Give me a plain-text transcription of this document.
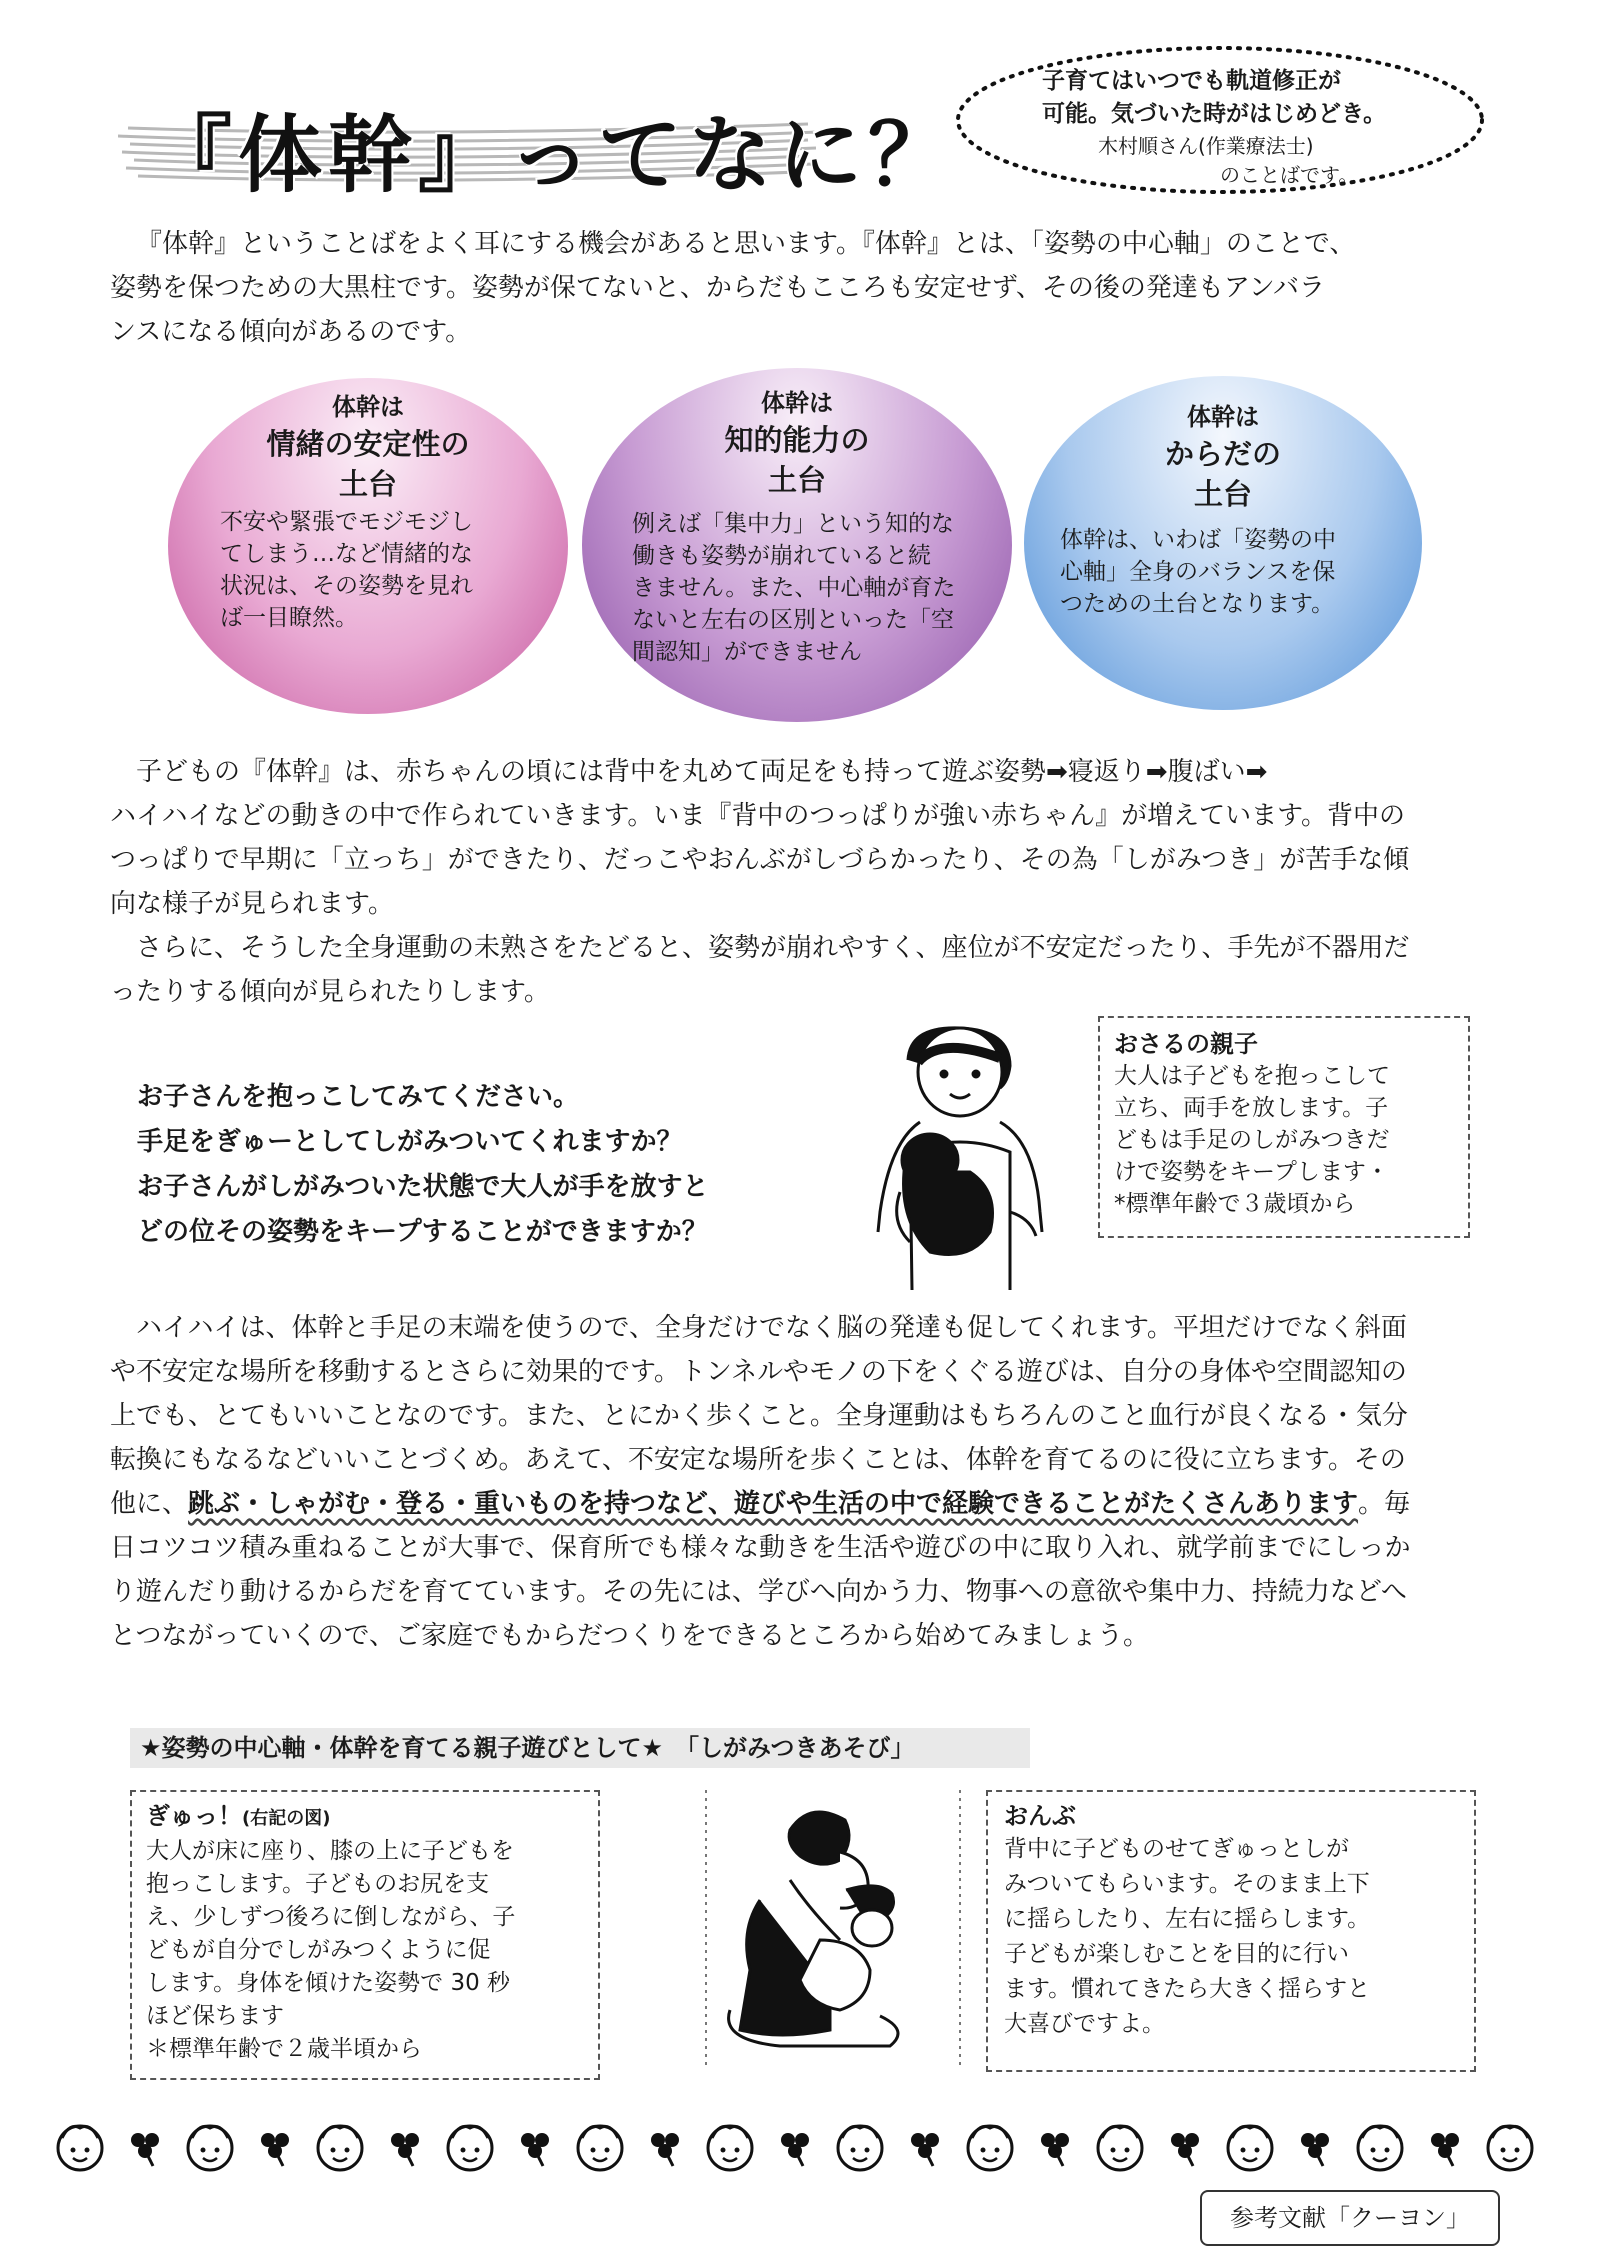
『体幹』ってなに？
子育てはいつでも軌道修正が
可能。気づいた時がはじめどき。
木村順さん(作業療法士)
のことばです。

『体幹』ということばをよく耳にする機会があると思います。『体幹』とは、「姿勢の中心軸」のことで、

姿勢を保つための大黒柱です。姿勢が保てないと、からだもこころも安定せず、その後の発達もアンバラ

ンスになる傾向があるのです。

体幹は
情緒の安定性の
土台
不安や緊張でモジモジし
てしまう…など情緒的な
状況は、その姿勢を見れ
ば一目瞭然。
体幹は
知的能力の
土台
例えば「集中力」という知的な
働きも姿勢が崩れていると続
きません。また、中心軸が育た
ないと左右の区別といった「空
間認知」ができません
体幹は
からだの
土台
体幹は、いわば「姿勢の中
心軸」全身のバランスを保
つための土台となります。

子どもの『体幹』は、赤ちゃんの頃には背中を丸めて両足をも持って遊ぶ姿勢➡寝返り➡腹ばい➡

ハイハイなどの動きの中で作られていきます。いま『背中のつっぱりが強い赤ちゃん』が増えています。背中の

つっぱりで早期に「立っち」ができたり、だっこやおんぶがしづらかったり、その為「しがみつき」が苦手な傾

向な様子が見られます。

さらに、そうした全身運動の未熟さをたどると、姿勢が崩れやすく、座位が不安定だったり、手先が不器用だ

ったりする傾向が見られたりします。

お子さんを抱っこしてみてください。
手足をぎゅーとしてしがみついてくれますか？
お子さんがしがみついた状態で大人が手を放すと
どの位その姿勢をキープすることができますか？
おさるの親子
大人は子どもを抱っこして
立ち、両手を放します。子
どもは手足のしがみつきだ
けで姿勢をキープします・
*標準年齢で３歳頃から

ハイハイは、体幹と手足の末端を使うので、全身だけでなく脳の発達も促してくれます。平坦だけでなく斜面

や不安定な場所を移動するとさらに効果的です。トンネルやモノの下をくぐる遊びは、自分の身体や空間認知の

上でも、とてもいいことなのです。また、とにかく歩くこと。全身運動はもちろんのこと血行が良くなる・気分

転換にもなるなどいいことづくめ。あえて、不安定な場所を歩くことは、体幹を育てるのに役に立ちます。その

他に、跳ぶ・しゃがむ・登る・重いものを持つなど、遊びや生活の中で経験できることがたくさんあります。毎

日コツコツ積み重ねることが大事で、保育所でも様々な動きを生活や遊びの中に取り入れ、就学前までにしっか

り遊んだり動けるからだを育てています。その先には、学びへ向かう力、物事への意欲や集中力、持続力などへ

とつながっていくので、ご家庭でもからだつくりをできるところから始めてみましょう。

★姿勢の中心軸・体幹を育てる親子遊びとして★　「しがみつきあそび」
ぎゅっ！(右記の図)
大人が床に座り、膝の上に子どもを
抱っこします。子どものお尻を支
え、少しずつ後ろに倒しながら、子
どもが自分でしがみつくように促
します。身体を傾けた姿勢で 30 秒
ほど保ちます
＊標準年齢で２歳半頃から
おんぶ
背中に子どものせてぎゅっとしが
みついてもらいます。そのまま上下
に揺らしたり、左右に揺らします。
子どもが楽しむことを目的に行い
ます。慣れてきたら大きく揺らすと
大喜びですよ。
参考文献「クーヨン」
